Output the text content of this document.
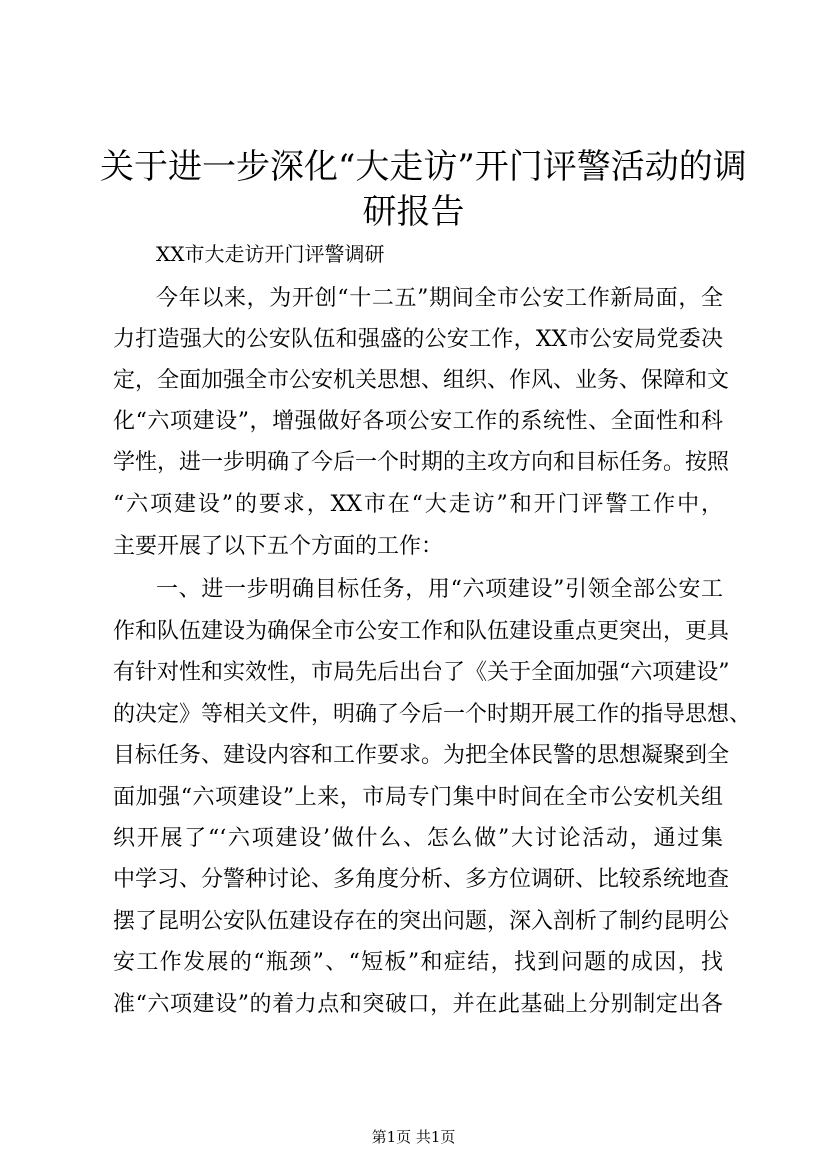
关于进一步深化“大走访”开门评警活动的调
研报告
XX市大走访开门评警调研
今年以来，为开创“十二五”期间全市公安工作新局面，全
力打造强大的公安队伍和强盛的公安工作，XX市公安局党委决
定，全面加强全市公安机关思想、组织、作风、业务、保障和文
化“六项建设”，增强做好各项公安工作的系统性、全面性和科
学性，进一步明确了今后一个时期的主攻方向和目标任务。按照
“六项建设”的要求，XX市在“大走访”和开门评警工作中，
主要开展了以下五个方面的工作：
一、进一步明确目标任务，用“六项建设”引领全部公安工
作和队伍建设为确保全市公安工作和队伍建设重点更突出，更具
有针对性和实效性，市局先后出台了《关于全面加强“六项建设”
的决定》等相关文件，明确了今后一个时期开展工作的指导思想、
目标任务、建设内容和工作要求。为把全体民警的思想凝聚到全
面加强“六项建设”上来，市局专门集中时间在全市公安机关组
织开展了“‘六项建设’做什么、怎么做”大讨论活动，通过集
中学习、分警种讨论、多角度分析、多方位调研、比较系统地查
摆了昆明公安队伍建设存在的突出问题，深入剖析了制约昆明公
安工作发展的“瓶颈”、“短板”和症结，找到问题的成因，找
准“六项建设”的着力点和突破口，并在此基础上分别制定出各
第1页 共1页
